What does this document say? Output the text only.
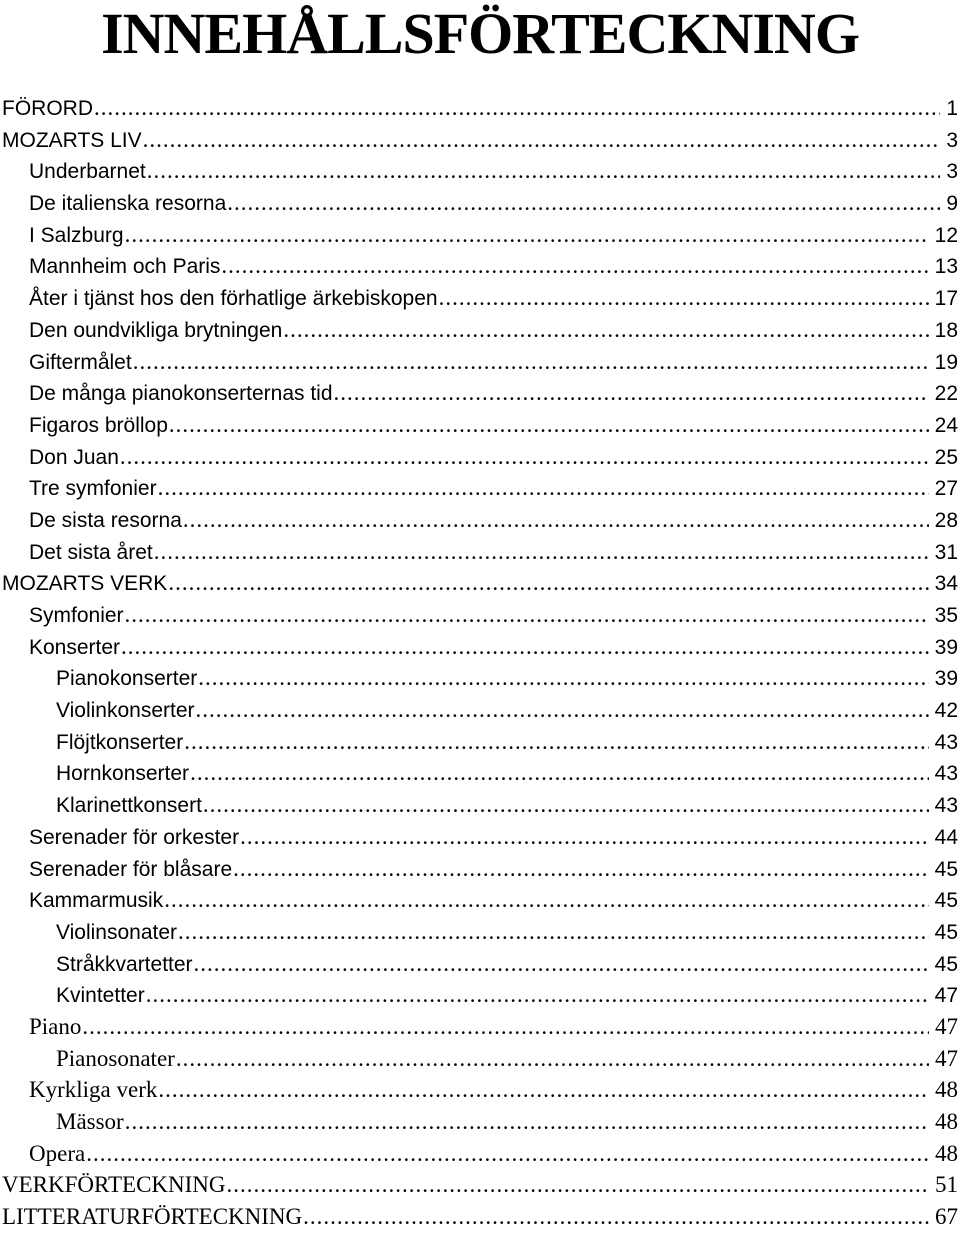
INNEHÅLLSFÖRTECKNING
FÖRORD .....	1
MOZARTS LIV .....	3
Underbarnet .....	3
De italienska resorna .....	9
I Salzburg .....	12
Mannheim och Paris .....	13
Åter i tjänst hos den förhatlige ärkebiskopen .....	17
Den oundvikliga brytningen .....	18
Giftermålet .....	19
De många pianokonserternas tid .....	22
Figaros bröllop .....	24
Don Juan .....	25
Tre symfonier .....	27
De sista resorna .....	28
Det sista året .....	31
MOZARTS VERK .....	34
Symfonier .....	35
Konserter .....	39
Pianokonserter .....	39
Violinkonserter .....	42
Flöjtkonserter .....	43
Hornkonserter .....	43
Klarinettkonsert .....	43
Serenader för orkester .....	44
Serenader för blåsare .....	45
Kammarmusik .....	45
Violinsonater .....	45
Stråkkvartetter .....	45
Kvintetter .....	47
Piano .....	47
Pianosonater .....	47
Kyrkliga verk .....	48
Mässor .....	48
Opera .....	48
VERKFÖRTECKNING .....	51
LITTERATURFÖRTECKNING .....	67
